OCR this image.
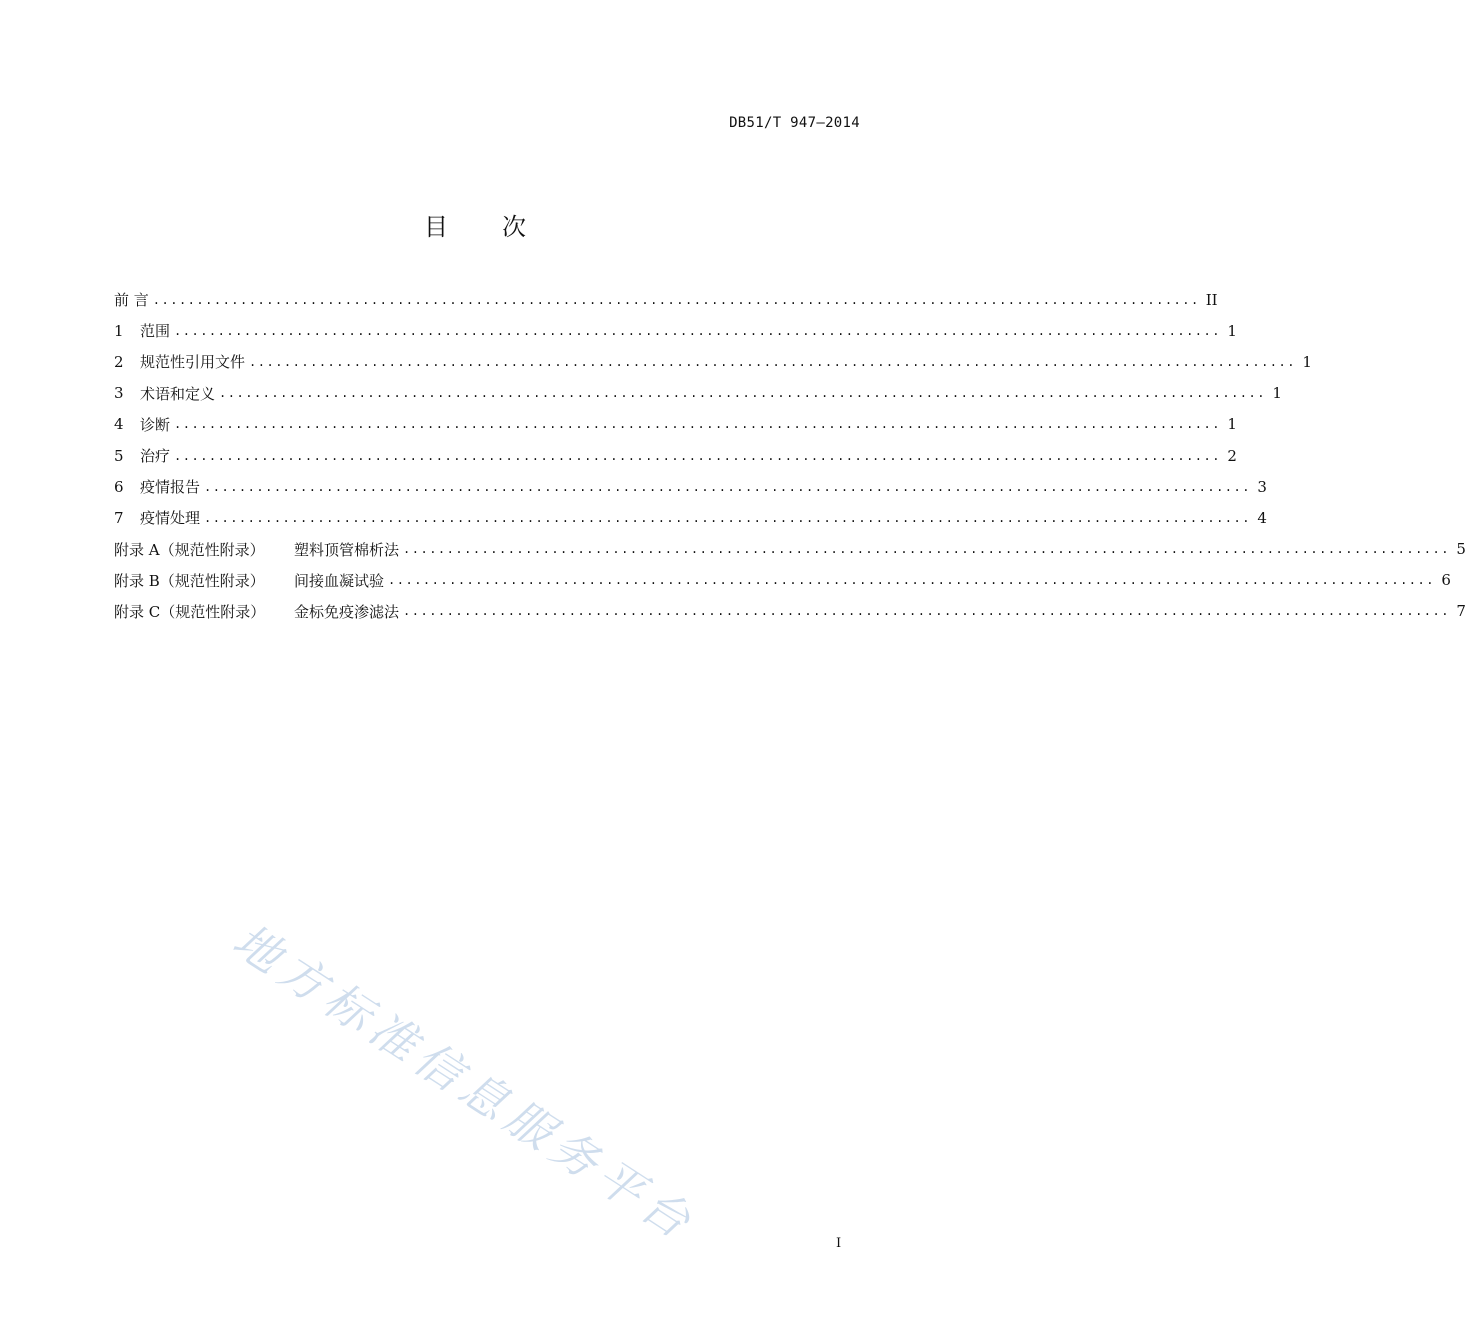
DB51/T 947—2014
目 次
前 言 ........................................................................................................................ II
1	范围 ........................................................................................................................ 1
2	规范性引用文件 ........................................................................................................................ 1
3	术语和定义 ........................................................................................................................ 1
4	诊断 ........................................................................................................................ 1
5	治疗 ........................................................................................................................ 2
6	疫情报告 ........................................................................................................................ 3
7	疫情处理 ........................................................................................................................ 4
附录 A（规范性附录）	塑料顶管棉析法 ........................................................................................................................ 5
附录 B（规范性附录）	间接血凝试验 ........................................................................................................................ 6
附录 C（规范性附录）	金标免疫渗滤法 ........................................................................................................................ 7
地方标准信息服务平台	I
